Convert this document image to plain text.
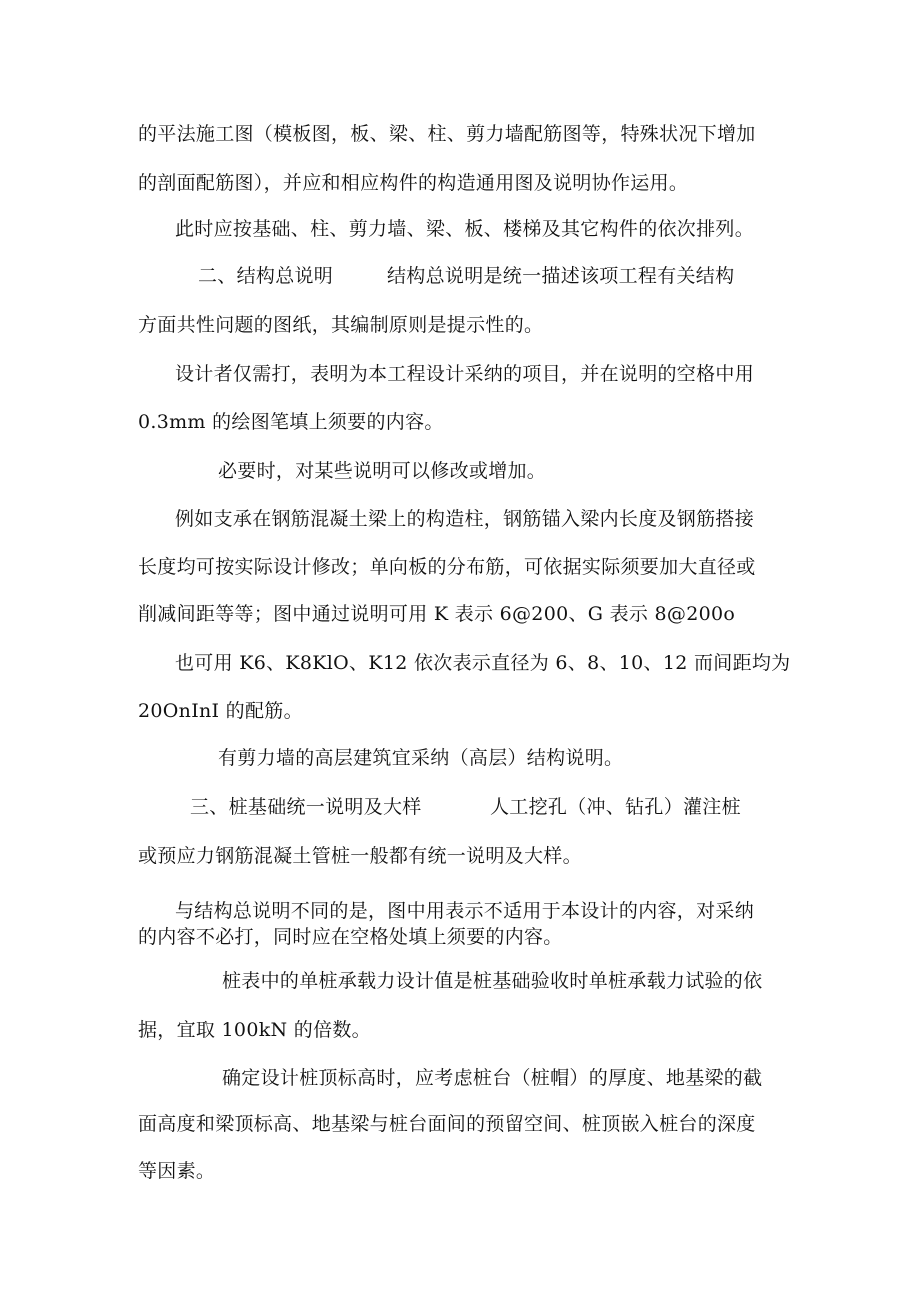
的平法施工图（模板图，板、梁、柱、剪力墙配筋图等，特殊状况下增加
的剖面配筋图），并应和相应构件的构造通用图及说明协作运用。
此时应按基础、柱、剪力墙、梁、板、楼梯及其它构件的依次排列。
二、结构总说明	结构总说明是统一描述该项工程有关结构
方面共性问题的图纸，其编制原则是提示性的。
设计者仅需打，表明为本工程设计采纳的项目，并在说明的空格中用
0.3mm 的绘图笔填上须要的内容。
必要时，对某些说明可以修改或增加。
例如支承在钢筋混凝土梁上的构造柱，钢筋锚入梁内长度及钢筋搭接
长度均可按实际设计修改；单向板的分布筋，可依据实际须要加大直径或
削减间距等等；图中通过说明可用 K 表示 6@200、G 表示 8@200o
也可用 K6、K8KlO、K12 依次表示直径为 6、8、10、12 而间距均为
20OnInI 的配筋。
有剪力墙的高层建筑宜采纳（高层）结构说明。
三、桩基础统一说明及大样	人工挖孔（冲、钻孔）灌注桩
或预应力钢筋混凝土管桩一般都有统一说明及大样。
与结构总说明不同的是，图中用表示不适用于本设计的内容，对采纳
的内容不必打，同时应在空格处填上须要的内容。
桩表中的单桩承载力设计值是桩基础验收时单桩承载力试验的依
据，宜取 100kN 的倍数。
确定设计桩顶标高时，应考虑桩台（桩帽）的厚度、地基梁的截
面高度和梁顶标高、地基梁与桩台面间的预留空间、桩顶嵌入桩台的深度
等因素。
